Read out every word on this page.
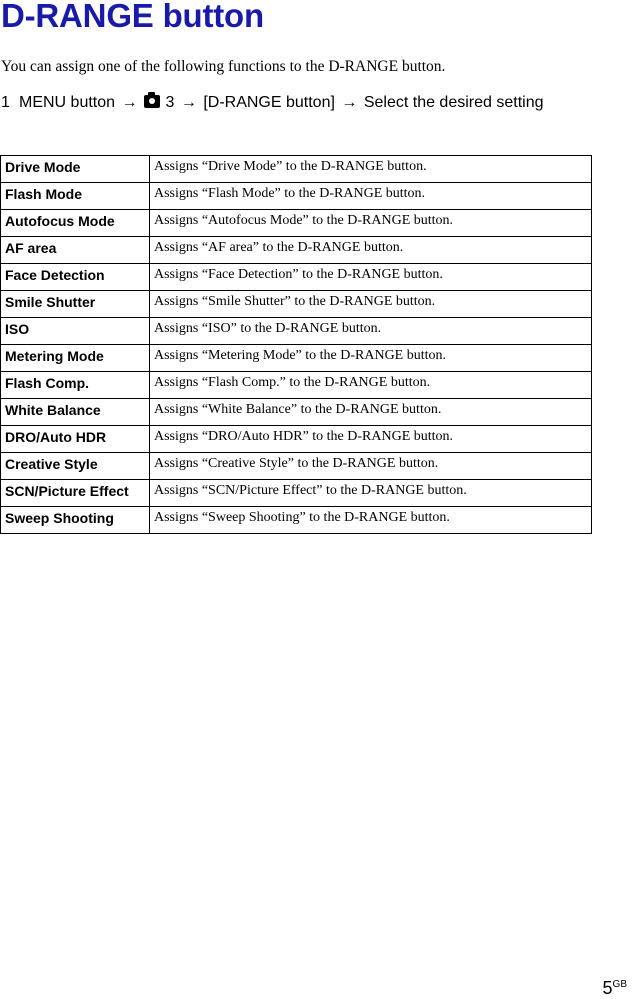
D-RANGE button

You can assign one of the following functions to the D-RANGE button.

1 MENU button → 3 → [D-RANGE button] → Select the desired setting
Drive Mode	Assigns “Drive Mode” to the D-RANGE button.
Flash Mode	Assigns “Flash Mode” to the D-RANGE button.
Autofocus Mode	Assigns “Autofocus Mode” to the D-RANGE button.
AF area	Assigns “AF area” to the D-RANGE button.
Face Detection	Assigns “Face Detection” to the D-RANGE button.
Smile Shutter	Assigns “Smile Shutter” to the D-RANGE button.
ISO	Assigns “ISO” to the D-RANGE button.
Metering Mode	Assigns “Metering Mode” to the D-RANGE button.
Flash Comp.	Assigns “Flash Comp.” to the D-RANGE button.
White Balance	Assigns “White Balance” to the D-RANGE button.
DRO/Auto HDR	Assigns “DRO/Auto HDR” to the D-RANGE button.
Creative Style	Assigns “Creative Style” to the D-RANGE button.
SCN/Picture Effect	Assigns “SCN/Picture Effect” to the D-RANGE button.
Sweep Shooting	Assigns “Sweep Shooting” to the D-RANGE button.
$5^{GB}$
